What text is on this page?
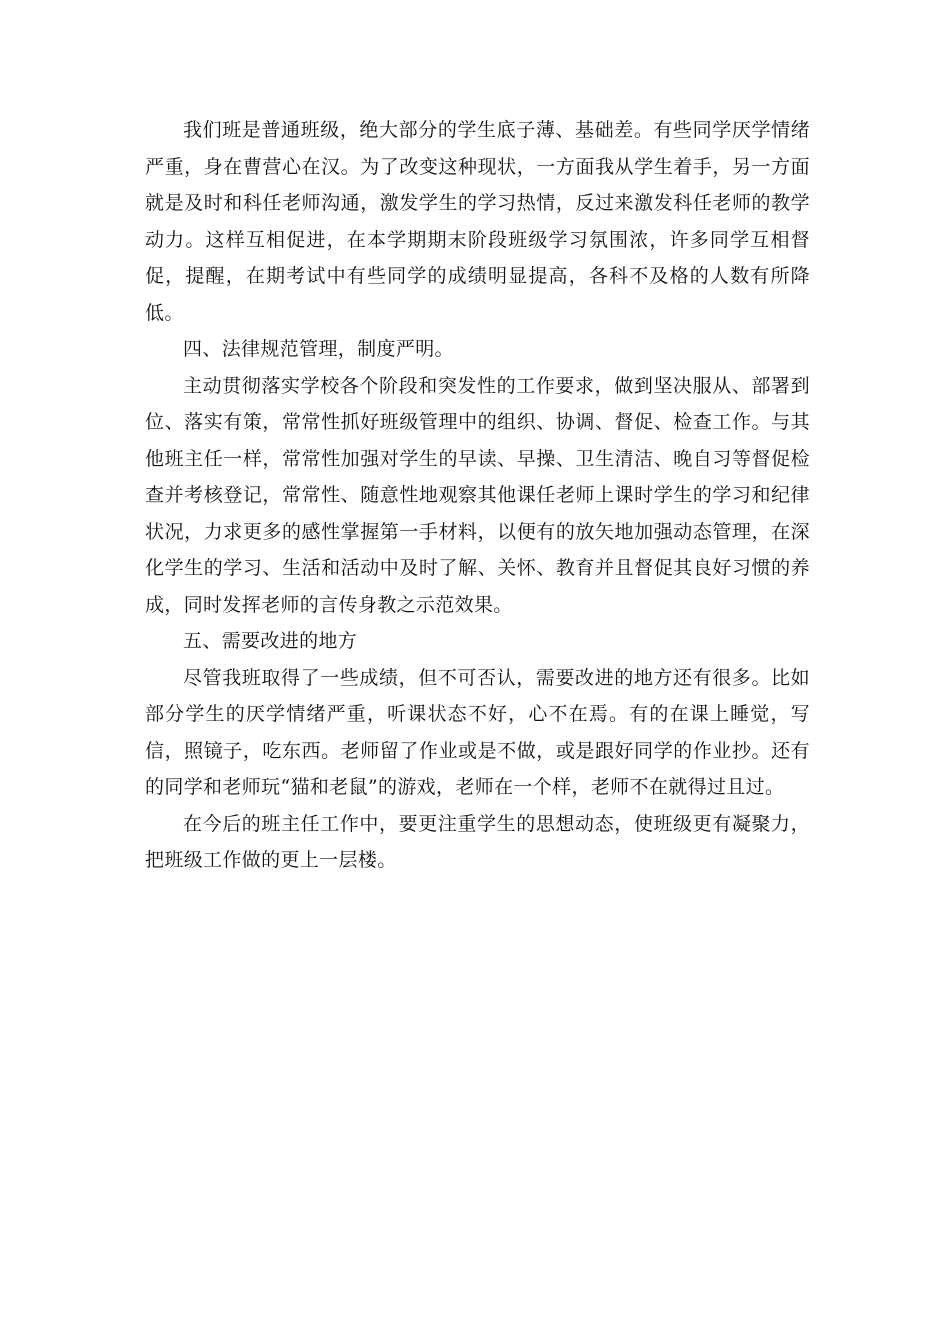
我们班是普通班级，绝大部分的学生底子薄、基础差。有些同学厌学情绪严重，身在曹营心在汉。为了改变这种现状，一方面我从学生着手，另一方面就是及时和科任老师沟通，激发学生的学习热情，反过来激发科任老师的教学动力。这样互相促进，在本学期期末阶段班级学习氛围浓，许多同学互相督促，提醒，在期考试中有些同学的成绩明显提高，各科不及格的人数有所降低。

四、法律规范管理，制度严明。

主动贯彻落实学校各个阶段和突发性的工作要求，做到坚决服从、部署到位、落实有策，常常性抓好班级管理中的组织、协调、督促、检查工作。与其他班主任一样，常常性加强对学生的早读、早操、卫生清洁、晚自习等督促检查并考核登记，常常性、随意性地观察其他课任老师上课时学生的学习和纪律状况，力求更多的感性掌握第一手材料，以便有的放矢地加强动态管理，在深化学生的学习、生活和活动中及时了解、关怀、教育并且督促其良好习惯的养成，同时发挥老师的言传身教之示范效果。

五、需要改进的地方

尽管我班取得了一些成绩，但不可否认，需要改进的地方还有很多。比如部分学生的厌学情绪严重，听课状态不好，心不在焉。有的在课上睡觉，写信，照镜子，吃东西。老师留了作业或是不做，或是跟好同学的作业抄。还有的同学和老师玩“猫和老鼠”的游戏，老师在一个样，老师不在就得过且过。

在今后的班主任工作中，要更注重学生的思想动态，使班级更有凝聚力，把班级工作做的更上一层楼。
